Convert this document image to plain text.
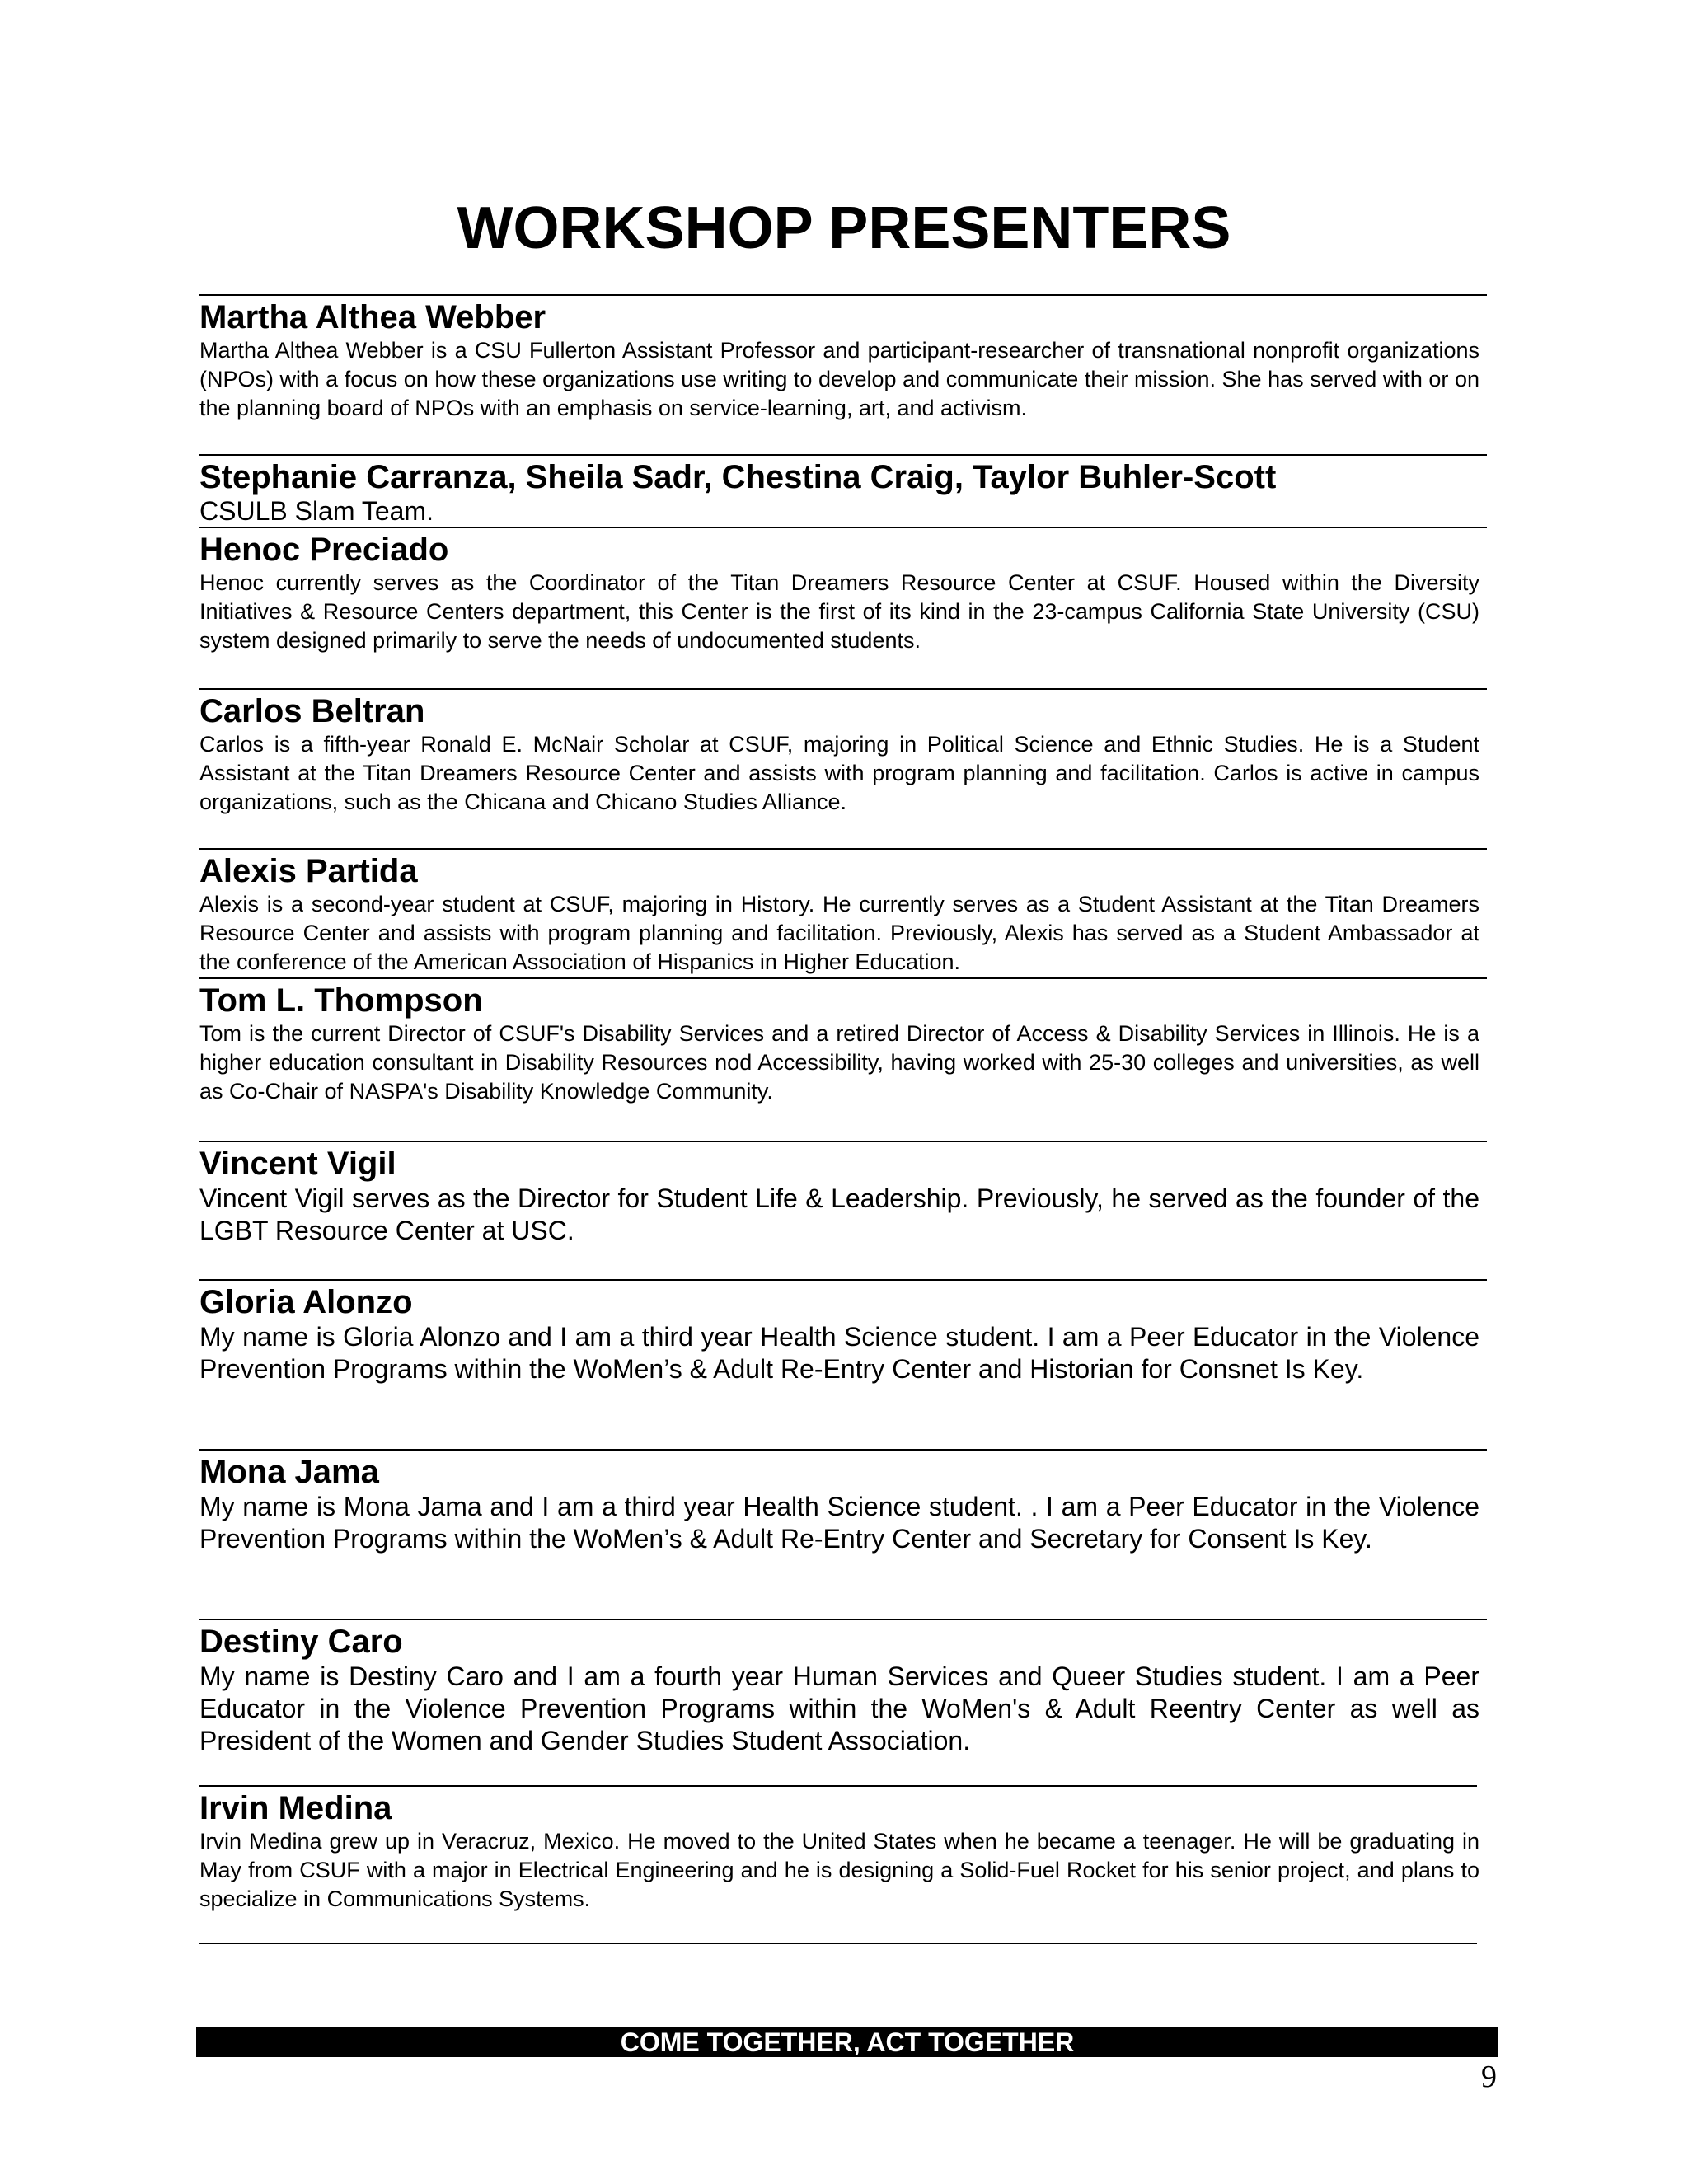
WORKSHOP PRESENTERS

Martha Althea Webber

Martha Althea Webber is a CSU Fullerton Assistant Professor and participant-researcher of transnational nonprofit organizations (NPOs) with a focus on how these organizations use writing to develop and communicate their mission. She has served with or on the planning board of NPOs with an emphasis on service-learning, art, and activism.

Stephanie Carranza, Sheila Sadr, Chestina Craig, Taylor Buhler-Scott

CSULB Slam Team.

Henoc Preciado

Henoc currently serves as the Coordinator of the Titan Dreamers Resource Center at CSUF. Housed within the Diversity Initiatives & Resource Centers department, this Center is the first of its kind in the 23-campus California State University (CSU) system designed primarily to serve the needs of undocumented students.

Carlos Beltran

Carlos is a fifth-year Ronald E. McNair Scholar at CSUF, majoring in Political Science and Ethnic Studies. He is a Student Assistant at the Titan Dreamers Resource Center and assists with program planning and facilitation. Carlos is active in campus organizations, such as the Chicana and Chicano Studies Alliance.

Alexis Partida

Alexis is a second-year student at CSUF, majoring in History. He currently serves as a Student Assistant at the Titan Dreamers Resource Center and assists with program planning and facilitation. Previously, Alexis has served as a Student Ambassador at the conference of the American Association of Hispanics in Higher Education.

Tom L. Thompson

Tom is the current Director of CSUF's Disability Services and a retired Director of Access & Disability Services in Illinois. He is a higher education consultant in Disability Resources nod Accessibility, having worked with 25-30 colleges and universities, as well as Co-Chair of NASPA's Disability Knowledge Community.

Vincent Vigil

Vincent Vigil serves as the Director for Student Life & Leadership. Previously, he served as the founder of the LGBT Resource Center at USC.

Gloria Alonzo

My name is Gloria Alonzo and I am a third year Health Science student. I am a Peer Educator in the Violence Prevention Programs within the WoMen’s & Adult Re-Entry Center and Historian for Consnet Is Key.

Mona Jama

My name is Mona Jama and I am a third year Health Science student. . I am a Peer Educator in the Violence Prevention Programs within the WoMen’s & Adult Re-Entry Center and Secretary for Consent Is Key.

Destiny Caro

My name is Destiny Caro and I am a fourth year Human Services and Queer Studies student. I am a Peer Educator in the Violence Prevention Programs within the WoMen's & Adult Reentry Center as well as President of the Women and Gender Studies Student Association.

Irvin Medina

Irvin Medina grew up in Veracruz, Mexico. He moved to the United States when he became a teenager. He will be graduating in May from CSUF with a major in Electrical Engineering and he is designing a Solid-Fuel Rocket for his senior project, and plans to specialize in Communications Systems.

COME TOGETHER, ACT TOGETHER
9
